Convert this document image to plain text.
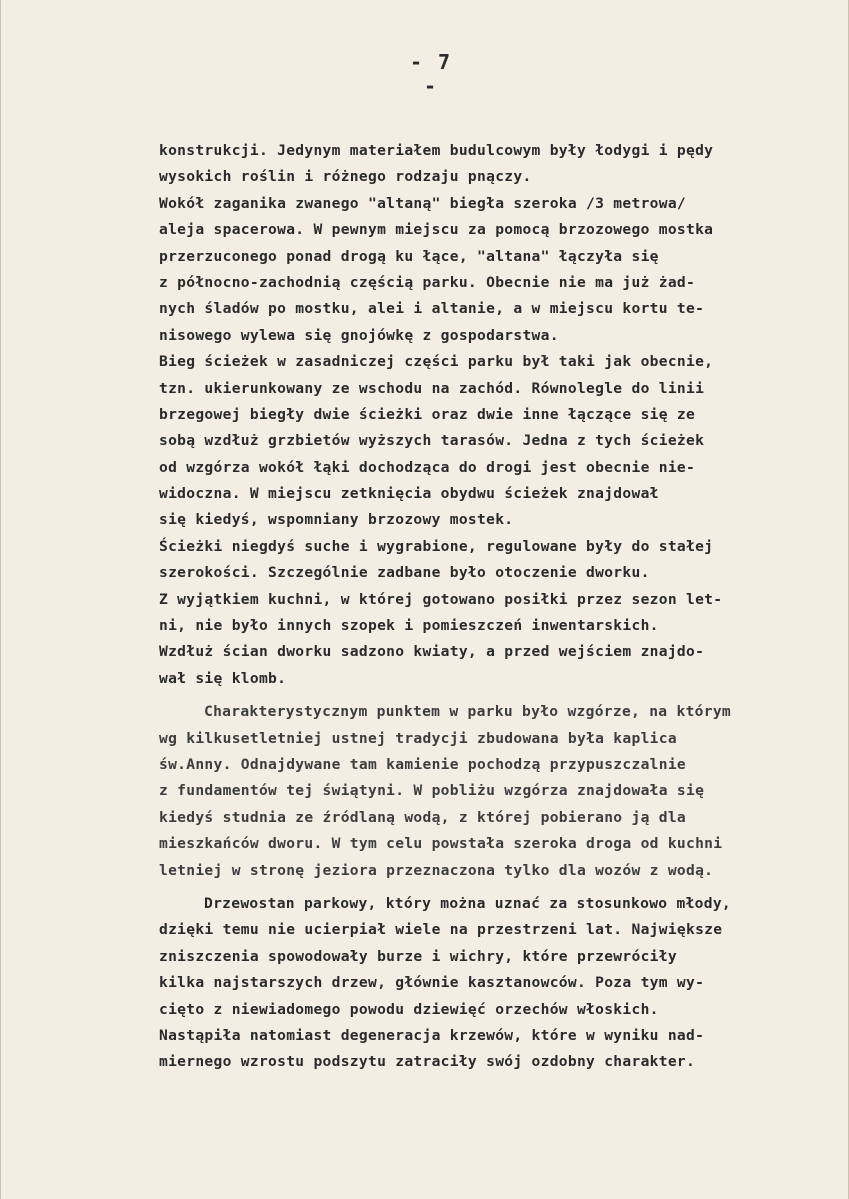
- 7 -
konstrukcji. Jedynym materiałem budulcowym były łodygi i pędy
wysokich roślin i różnego rodzaju pnączy.
Wokół zaganika zwanego "altaną" biegła szeroka /3 metrowa/
aleja spacerowa. W pewnym miejscu za pomocą brzozowego mostka
przerzuconego ponad drogą ku łące, "altana" łączyła się
z północno-zachodnią częścią parku. Obecnie nie ma już żad-
nych śladów po mostku, alei i altanie, a w miejscu kortu te-
nisowego wylewa się gnojówkę z gospodarstwa.
Bieg ścieżek w zasadniczej części parku był taki jak obecnie,
tzn. ukierunkowany ze wschodu na zachód. Równolegle do linii
brzegowej biegły dwie ścieżki oraz dwie inne łączące się ze
sobą wzdłuż grzbietów wyższych tarasów. Jedna z tych ścieżek
od wzgórza wokół łąki dochodząca do drogi jest obecnie nie-
widoczna. W miejscu zetknięcia obydwu ścieżek znajdował
się kiedyś, wspomniany brzozowy mostek.
Ścieżki niegdyś suche i wygrabione, regulowane były do stałej
szerokości. Szczególnie zadbane było otoczenie dworku.
Z wyjątkiem kuchni, w której gotowano posiłki przez sezon let-
ni, nie było innych szopek i pomieszczeń inwentarskich.
Wzdłuż ścian dworku sadzono kwiaty, a przed wejściem znajdo-
wał się klomb.
Charakterystycznym punktem w parku było wzgórze, na którym
wg kilkusetletniej ustnej tradycji zbudowana była kaplica
św.Anny. Odnajdywane tam kamienie pochodzą przypuszczalnie
z fundamentów tej świątyni. W pobliżu wzgórza znajdowała się
kiedyś studnia ze źródlaną wodą, z której pobierano ją dla
mieszkańców dworu. W tym celu powstała szeroka droga od kuchni
letniej w stronę jeziora przeznaczona tylko dla wozów z wodą.
Drzewostan parkowy, który można uznać za stosunkowo młody,
dzięki temu nie ucierpiał wiele na przestrzeni lat. Największe
zniszczenia spowodowały burze i wichry, które przewróciły
kilka najstarszych drzew, głównie kasztanowców. Poza tym wy-
cięto z niewiadomego powodu dziewięć orzechów włoskich.
Nastąpiła natomiast degeneracja krzewów, które w wyniku nad-
miernego wzrostu podszytu zatraciły swój ozdobny charakter.
